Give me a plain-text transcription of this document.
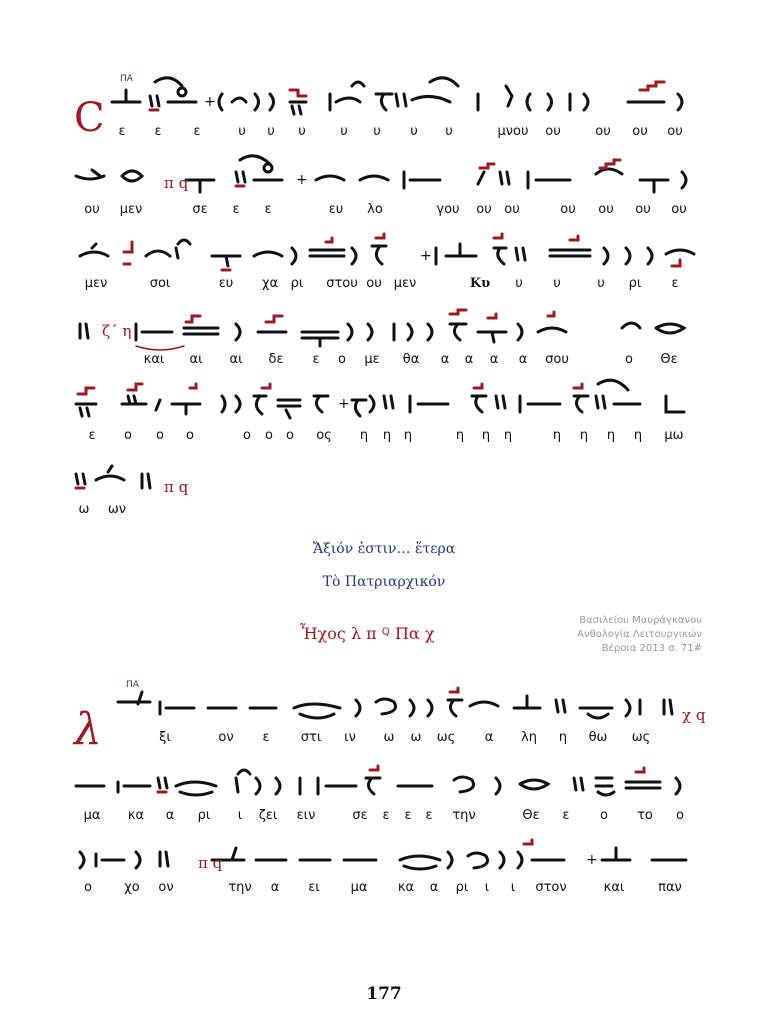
ΠΑ
C	+
ε ε ε	υ υ υ	υ υ υ υ	μνου ου	ου ου ου
+
π q
ου μεν	σε ε ε	ευ λο	γου ου ου	ου ου ου ου
+
μεν	σοι	ευ χα ρι στου ου μεν	Κυ υ υ	υ ρι ε
ζ΄ η
και αι αι δε ε ο με θα α α α α σου	ο Θε
+
ε ο ο ο	ο ο ο ος η η η	η η η	η η η η μω
π q
ω ων
Ἄξιόν ἐστιν… ἕτερα
Τὸ Πατριαρχικόν
Ἦχος λ π ꟴ Πα χ
Βασιλείου Μαυράγκανου
Ανθολογία Λειτουργικών
Βέροια 2013 σ. 71#
ΠΑ
λ	χ q
ξι	ον ε στι ιν ω ω ως α λη η θω ως
μα κα α ρι ι ζει ειν	σε ε ε ε την	Θε ε ο το ο
+
π q
ο χο ον	την α ει μα κα α ρι ι ι στον	και	παν
177
